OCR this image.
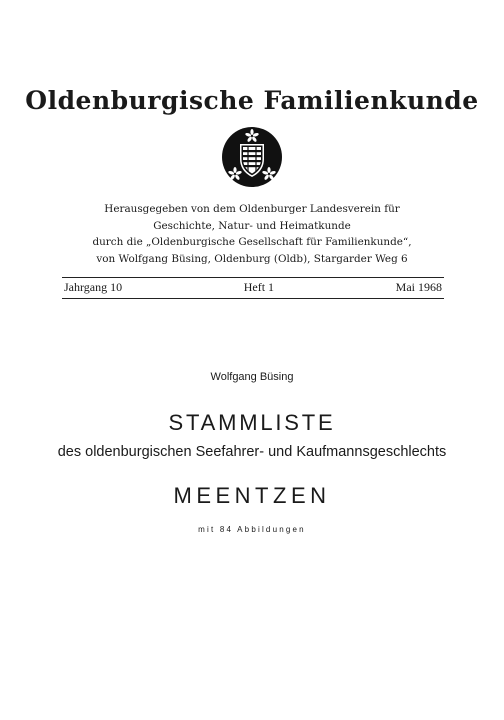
Oldenburgische Familienkunde
Herausgegeben von dem Oldenburger Landesverein für
Geschichte, Natur- und Heimatkunde
durch die „Oldenburgische Gesellschaft für Familienkunde“,
von Wolfgang Büsing, Oldenburg (Oldb), Stargarder Weg 6
Jahrgang 10	Heft 1	Mai 1968
Wolfgang Büsing
STAMMLISTE
des oldenburgischen Seefahrer- und Kaufmannsgeschlechts
MEENTZEN
mit 84 Abbildungen
